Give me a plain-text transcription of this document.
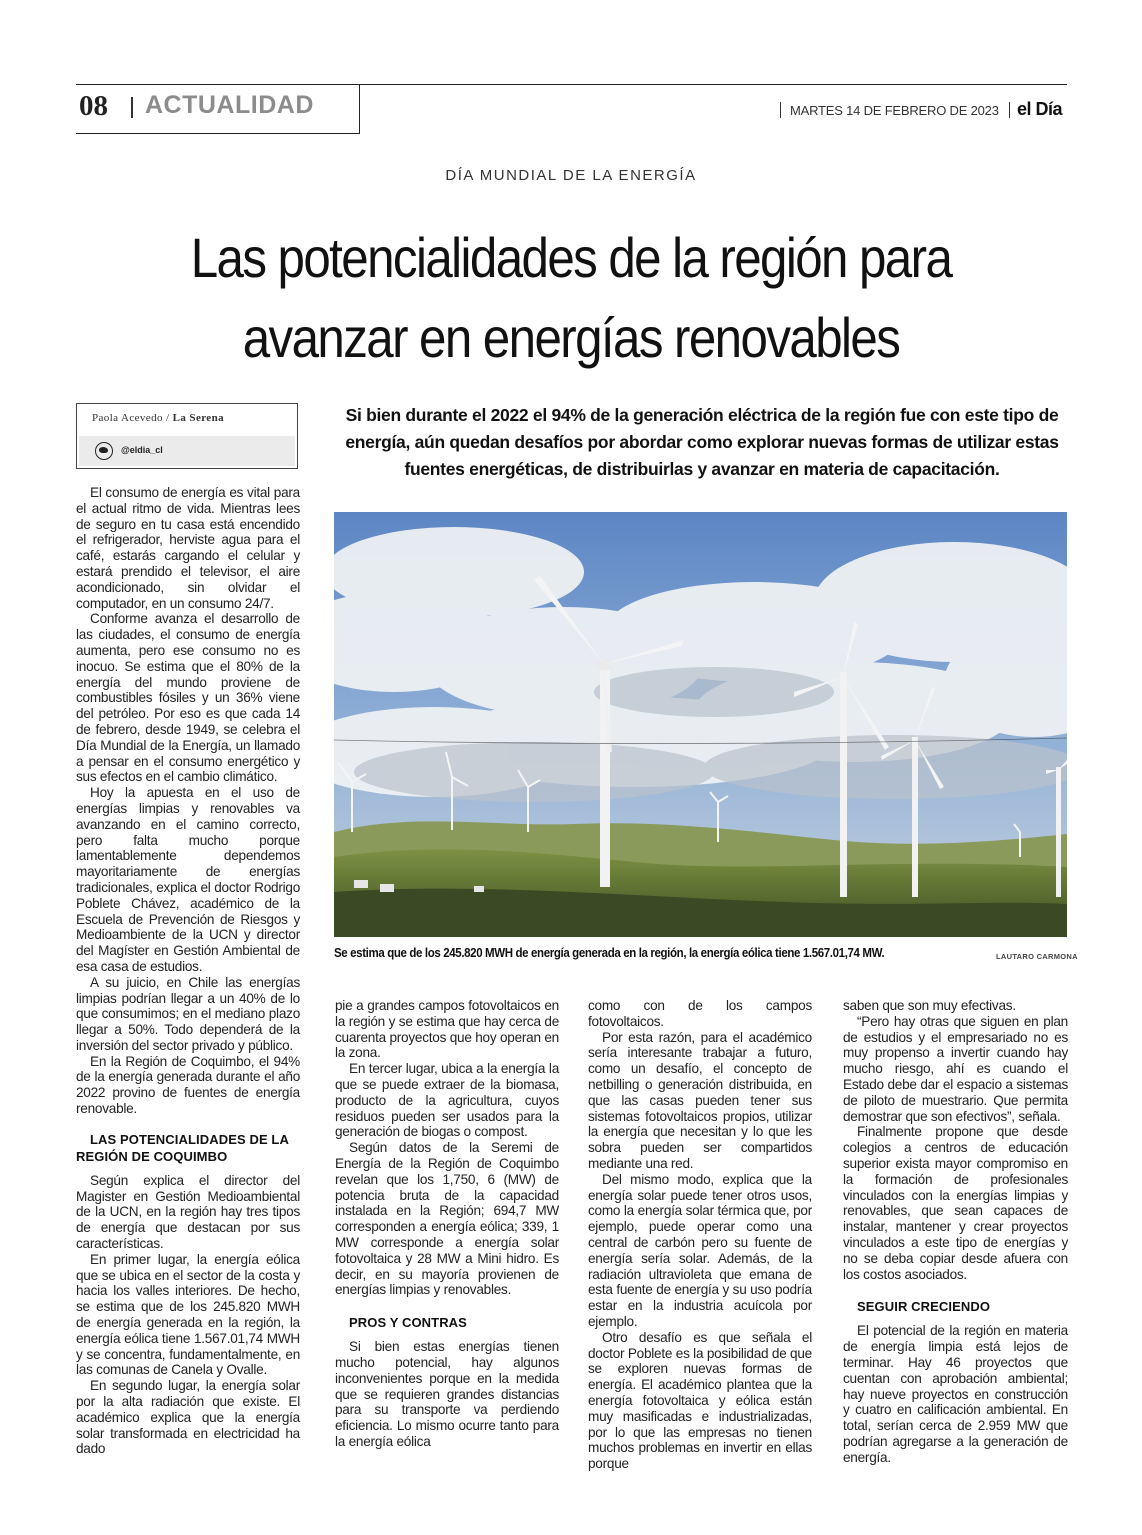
08 ACTUALIDAD	MARTES 14 DE FEBRERO DE 2023 el Día
DÍA MUNDIAL DE LA ENERGÍA
Las potencialidades de la región para
avanzar en energías renovables
Paola Acevedo / La Serena
@eldia_cl
Si bien durante el 2022 el 94% de la generación eléctrica de la región fue con este tipo de energía, aún quedan desafíos por abordar como explorar nuevas formas de utilizar estas fuentes energéticas, de distribuirlas y avanzar en materia de capacitación.
Se estima que de los 245.820 MWH de energía generada en la región, la energía eólica tiene 1.567.01,74 MW.	LAUTARO CARMONA

El consumo de energía es vital para el actual ritmo de vida. Mientras lees de seguro en tu casa está encendido el refrigerador, herviste agua para el café, estarás cargando el celular y estará prendido el televisor, el aire acondicionado, sin olvidar el computador, en un consumo 24/7.

Conforme avanza el desarrollo de las ciudades, el consumo de energía aumenta, pero ese consumo no es inocuo. Se estima que el 80% de la energía del mundo proviene de combustibles fósiles y un 36% viene del petróleo. Por eso es que cada 14 de febrero, desde 1949, se celebra el Día Mundial de la Energía, un llamado a pensar en el consumo energético y sus efectos en el cambio climático.

Hoy la apuesta en el uso de energías limpias y renovables va avanzando en el camino correcto, pero falta mucho porque lamentablemente dependemos mayoritariamente de energías tradicionales, explica el doctor Rodrigo Poblete Chávez, académico de la Escuela de Prevención de Riesgos y Medioambiente de la UCN y director del Magíster en Gestión Ambiental de esa casa de estudios.

A su juicio, en Chile las energías limpias podrían llegar a un 40% de lo que consumimos; en el mediano plazo llegar a 50%. Todo dependerá de la inversión del sector privado y público.

En la Región de Coquimbo, el 94% de la energía generada durante el año 2022 provino de fuentes de energía renovable.

LAS POTENCIALIDADES DE LA REGIÓN DE COQUIMBO

Según explica el director del Magister en Gestión Medioambiental de la UCN, en la región hay tres tipos de energía que destacan por sus características.

En primer lugar, la energía eólica que se ubica en el sector de la costa y hacia los valles interiores. De hecho, se estima que de los 245.820 MWH de energía generada en la región, la energía eólica tiene 1.567.01,74 MWH y se concentra, fundamentalmente, en las comunas de Canela y Ovalle.

En segundo lugar, la energía solar por la alta radiación que existe. El académico explica que la energía solar transformada en electricidad ha dado

pie a grandes campos fotovoltaicos en la región y se estima que hay cerca de cuarenta proyectos que hoy operan en la zona.

En tercer lugar, ubica a la energía la que se puede extraer de la biomasa, producto de la agricultura, cuyos residuos pueden ser usados para la generación de biogas o compost.

Según datos de la Seremi de Energía de la Región de Coquimbo revelan que los 1,750, 6 (MW) de potencia bruta de la capacidad instalada en la Región; 694,7 MW corresponden a energía eólica; 339, 1 MW corresponde a energía solar fotovoltaica y 28 MW a Mini hidro. Es decir, en su mayoría provienen de energías limpias y renovables.

PROS Y CONTRAS

Si bien estas energías tienen mucho potencial, hay algunos inconvenientes porque en la medida que se requieren grandes distancias para su transporte va perdiendo eficiencia. Lo mismo ocurre tanto para la energía eólica

como con de los campos fotovoltaicos.

Por esta razón, para el académico sería interesante trabajar a futuro, como un desafío, el concepto de netbilling o generación distribuida, en que las casas pueden tener sus sistemas fotovoltaicos propios, utilizar la energía que necesitan y lo que les sobra pueden ser compartidos mediante una red.

Del mismo modo, explica que la energía solar puede tener otros usos, como la energía solar térmica que, por ejemplo, puede operar como una central de carbón pero su fuente de energía sería solar. Además, de la radiación ultravioleta que emana de esta fuente de energía y su uso podría estar en la industria acuícola por ejemplo.

Otro desafío es que señala el doctor Poblete es la posibilidad de que se exploren nuevas formas de energía. El académico plantea que la energía fotovoltaica y eólica están muy masificadas e industrializadas, por lo que las empresas no tienen muchos problemas en invertir en ellas porque

saben que son muy efectivas.

“Pero hay otras que siguen en plan de estudios y el empresariado no es muy propenso a invertir cuando hay mucho riesgo, ahí es cuando el Estado debe dar el espacio a sistemas de piloto de muestrario. Que permita demostrar que son efectivos”, señala.

Finalmente propone que desde colegios a centros de educación superior exista mayor compromiso en la formación de profesionales vinculados con la energías limpias y renovables, que sean capaces de instalar, mantener y crear proyectos vinculados a este tipo de energías y no se deba copiar desde afuera con los costos asociados.

SEGUIR CRECIENDO

El potencial de la región en materia de energía limpia está lejos de terminar. Hay 46 proyectos que cuentan con aprobación ambiental; hay nueve proyectos en construcción y cuatro en calificación ambiental. En total, serían cerca de 2.959 MW que podrían agregarse a la generación de energía.
